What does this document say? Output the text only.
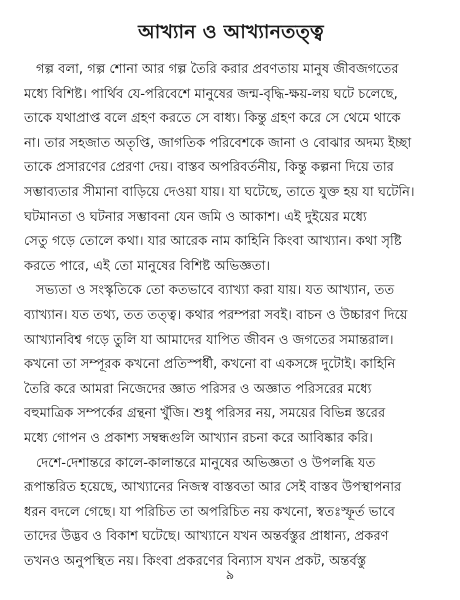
আখ্যান ও আখ্যানতত্ত্ব

গল্প বলা, গল্প শোনা আর গল্প তৈরি করার প্রবণতায় মানুষ জীবজগতের
মধ্যে বিশিষ্ট। পার্থিব যে-পরিবেশে মানুষের জন্ম-বৃদ্ধি-ক্ষয়-লয় ঘটে চলেছে,
তাকে যথাপ্রাপ্ত বলে গ্রহণ করতে সে বাধ্য। কিন্তু গ্রহণ করে সে থেমে থাকে
না। তার সহজাত অতৃপ্তি, জাগতিক পরিবেশকে জানা ও বোঝার অদম্য ইচ্ছা
তাকে প্রসারণের প্রেরণা দেয়। বাস্তব অপরিবর্তনীয়, কিন্তু কল্পনা দিয়ে তার
সম্ভাব্যতার সীমানা বাড়িয়ে দেওয়া যায়। যা ঘটেছে, তাতে যুক্ত হয় যা ঘটেনি।
ঘটমানতা ও ঘটনার সম্ভাবনা যেন জমি ও আকাশ। এই দুইয়ের মধ্যে
সেতু গড়ে তোলে কথা। যার আরেক নাম কাহিনি কিংবা আখ্যান। কথা সৃষ্টি
করতে পারে, এই তো মানুষের বিশিষ্ট অভিজ্ঞতা।

সভ্যতা ও সংস্কৃতিকে তো কতভাবে ব্যাখ্যা করা যায়। যত আখ্যান, তত
ব্যাখ্যান। যত তথ্য, তত তত্ত্ব। কথার পরম্পরা সবই। বাচন ও উচ্চারণ দিয়ে
আখ্যানবিশ্ব গড়ে তুলি যা আমাদের যাপিত জীবন ও জগতের সমান্তরাল।
কখনো তা সম্পূরক কখনো প্রতিস্পর্ধী, কখনো বা একসঙ্গে দুটোই। কাহিনি
তৈরি করে আমরা নিজেদের জ্ঞাত পরিসর ও অজ্ঞাত পরিসরের মধ্যে
বহুমাত্রিক সম্পর্কের গ্রন্থনা খুঁজি। শুধু পরিসর নয়, সময়ের বিভিন্ন স্তরের
মধ্যে গোপন ও প্রকাশ্য সম্বন্ধগুলি আখ্যান রচনা করে আবিষ্কার করি।

দেশে-দেশান্তরে কালে-কালান্তরে মানুষের অভিজ্ঞতা ও উপলব্ধি যত
রূপান্তরিত হয়েছে, আখ্যানের নিজস্ব বাস্তবতা আর সেই বাস্তব উপস্থাপনার
ধরন বদলে গেছে। যা পরিচিত তা অপরিচিত নয় কখনো, স্বতঃস্ফূর্ত ভাবে
তাদের উদ্ভব ও বিকাশ ঘটেছে। আখ্যানে যখন অন্তর্বস্তুর প্রাধান্য, প্রকরণ
তখনও অনুপস্থিত নয়। কিংবা প্রকরণের বিন্যাস যখন প্রকট, অন্তর্বস্তু

৯
